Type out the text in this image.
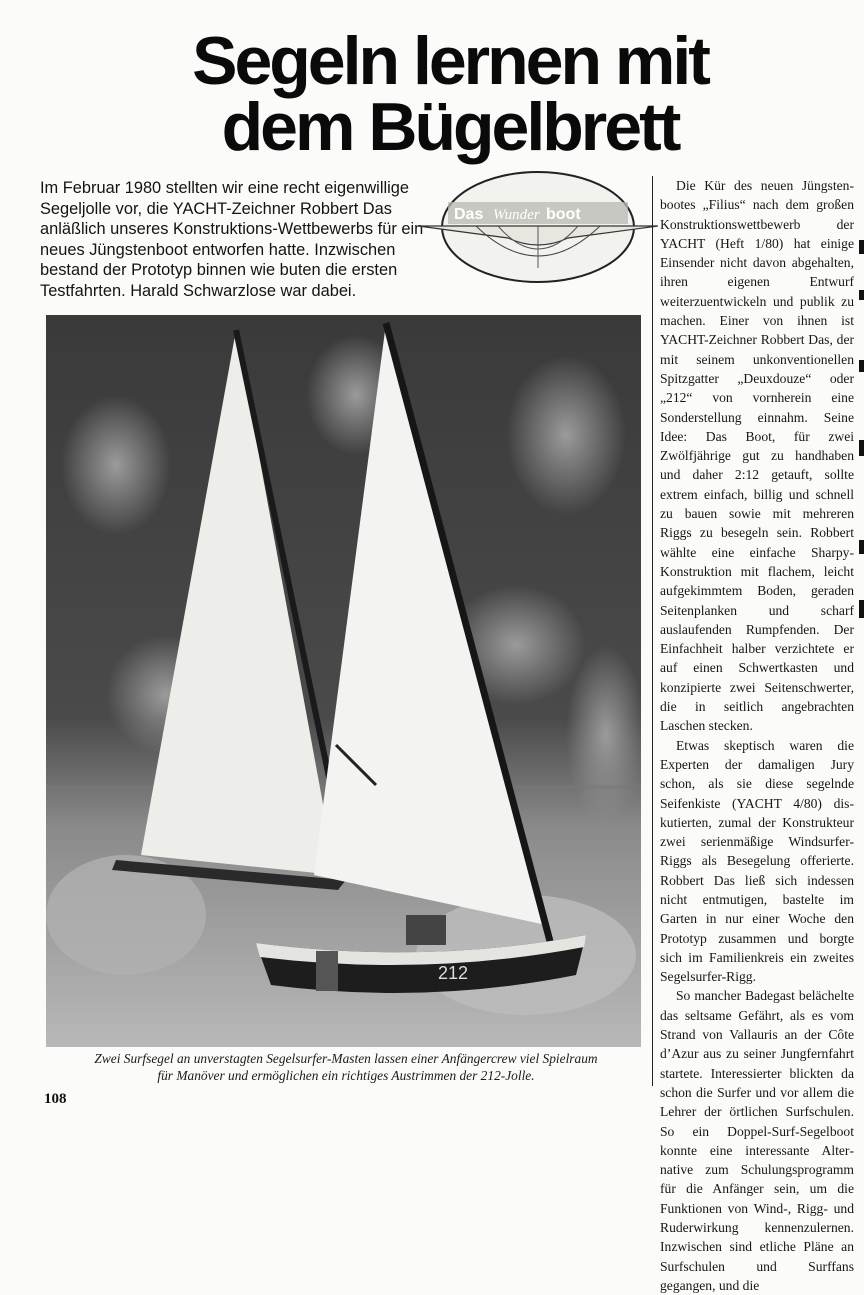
Segeln lernen mit
dem Bügelbrett
Im Februar 1980 stellten wir eine recht eigenwillige Segeljolle vor, die YACHT-Zeichner Robbert Das anläßlich unseres Konstruktions-Wettbewerbs für ein neues Jüngstenboot entworfen hatte. Inzwischen bestand der Prototyp binnen wie buten die ersten Testfahrten. Harald Schwarzlose war dabei.
Das Wunder boot
212
Zwei Surfsegel an unverstagten Segelsurfer-Masten lassen einer Anfängercrew viel Spielraum
für Manöver und ermöglichen ein richtiges Austrimmen der 212-Jolle.
108

Die Kür des neuen Jüngstenbootes „Filius“ nach dem großen Konstruktionswettbewerb der YACHT (Heft 1/80) hat einige Einsender nicht davon abgehalten, ihren eigenen Entwurf weiterzuentwickeln und publik zu machen. Einer von ihnen ist YACHT-Zeichner Robbert Das, der mit seinem unkonventionellen Spitzgatter „Deuxdouze“ oder „212“ von vornherein eine Sonderstellung einnahm. Seine Idee: Das Boot, für zwei Zwölfjährige gut zu handhaben und daher 2:12 getauft, sollte extrem einfach, billig und schnell zu bauen sowie mit mehreren Riggs zu besegeln sein. Robbert wählte eine einfache Sharpy-Konstruktion mit flachem, leicht aufgekimmtem Boden, geraden Seitenplanken und scharf auslaufenden Rumpfenden. Der Einfachheit halber verzichtete er auf einen Schwertkasten und konzipierte zwei Seitenschwerter, die in seitlich angebrachten Laschen stecken.

Etwas skeptisch waren die Experten der damaligen Jury schon, als sie diese segelnde Seifenkiste (YACHT 4/80) diskutierten, zumal der Konstrukteur zwei serienmäßige Windsurfer-Riggs als Besegelung offerierte. Robbert Das ließ sich indessen nicht entmutigen, bastelte im Garten in nur einer Woche den Prototyp zusammen und borgte sich im Familienkreis ein zweites Segelsurfer-Rigg.

So mancher Badegast belächelte das seltsame Gefährt, als es vom Strand von Vallauris an der Côte d’Azur aus zu seiner Jungfernfahrt startete. Interessierter blickten da schon die Surfer und vor allem die Lehrer der örtlichen Surfschulen. So ein Doppel-Surf-Segelboot konnte eine interessante Alternative zum Schulungsprogramm für die Anfänger sein, um die Funktionen von Wind-, Rigg- und Ruderwirkung kennenzulernen. Inzwischen sind etliche Pläne an Surfschulen und Surffans gegangen, und die
